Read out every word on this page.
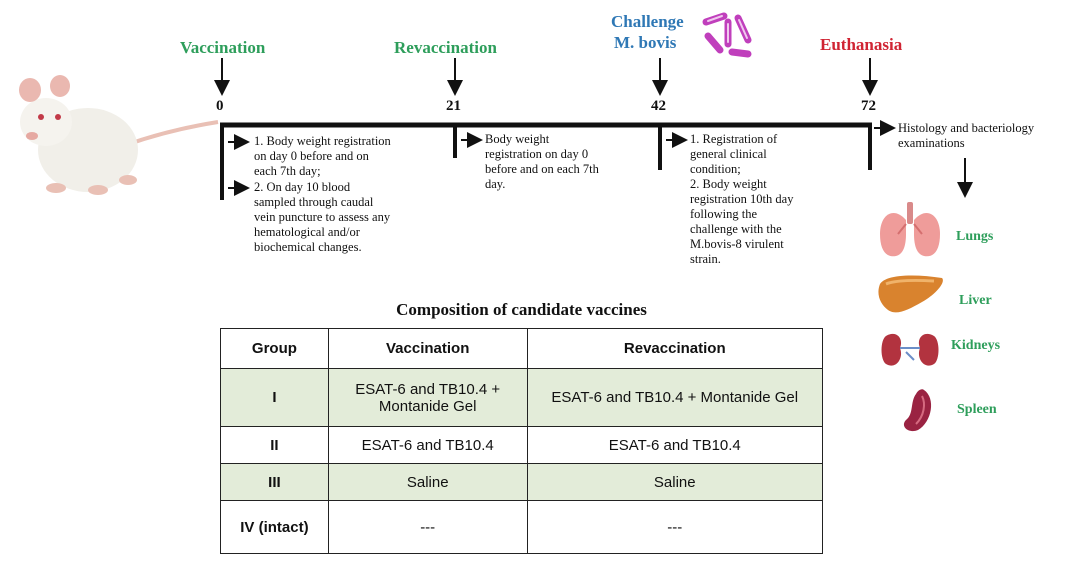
Vaccination	Revaccination
Challenge
M. bovis	Euthanasia
0	21	42	72
1. Body weight registration
on day 0 before and on
each 7th day;
2. On day 10 blood
sampled through caudal
vein puncture to assess any
hematological and/or
biochemical changes.
Body weight
registration on day 0
before and on each 7th
day.
1. Registration of
general clinical
condition;
2. Body weight
registration 10th day
following the
challenge with the
M.bovis-8 virulent
strain.
Histology and bacteriology
examinations
Lungs
Liver
Kidneys
Spleen
Composition of candidate vaccines
Group	Vaccination	Revaccination
I	ESAT-6 and TB10.4 + Montanide Gel	ESAT-6 and TB10.4 + Montanide Gel
II	ESAT-6 and TB10.4	ESAT-6 and TB10.4
III	Saline	Saline
IV (intact)	---	---
